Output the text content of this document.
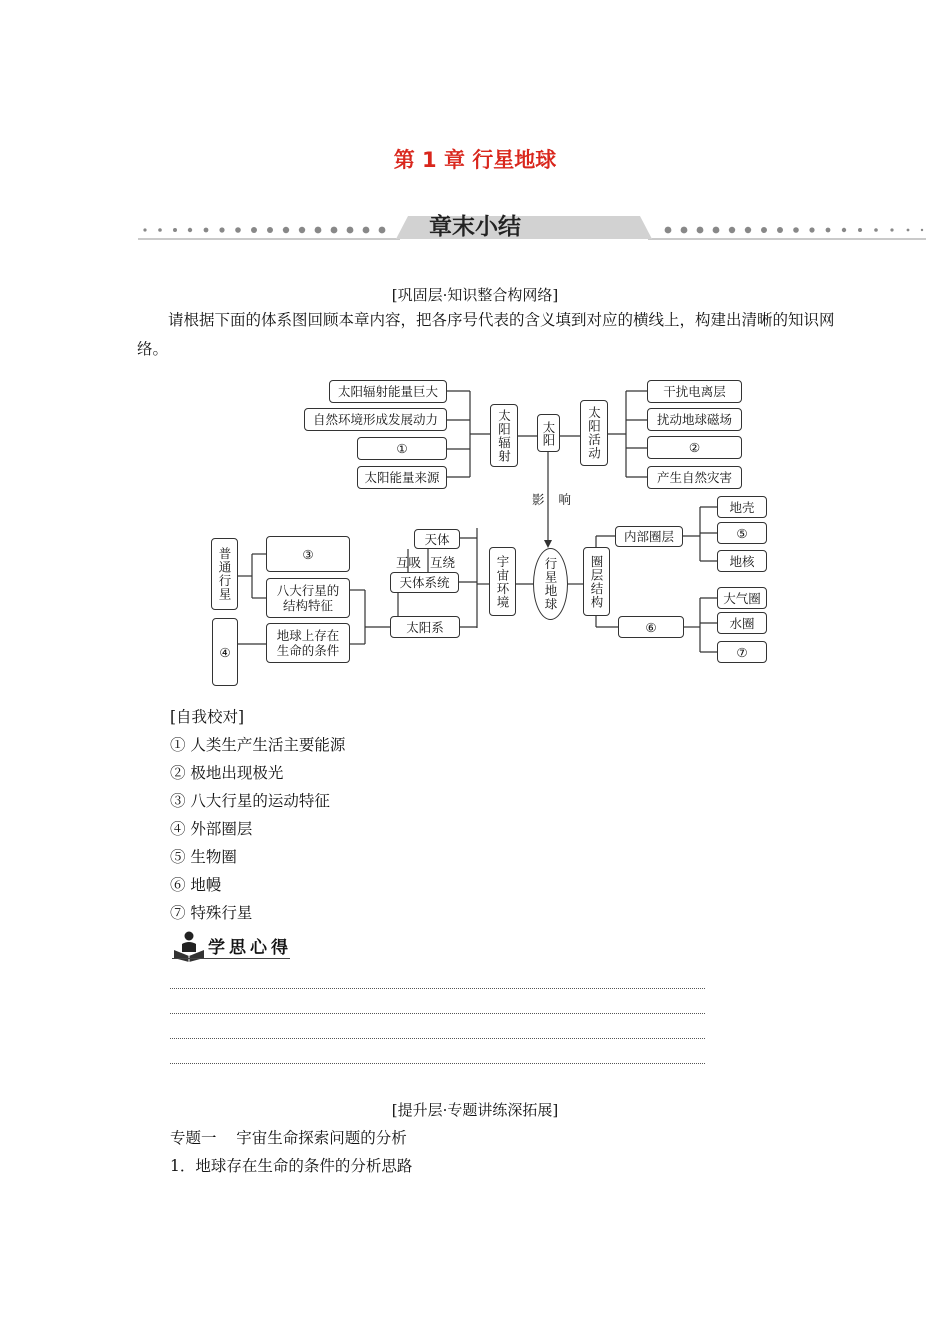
第 1 章 行星地球
章末小结
[巩固层·知识整合构网络]
请根据下面的体系图回顾本章内容，把各序号代表的含义填到对应的横线上，构建出清晰的知识网络。
太阳辐射能量巨大
自然环境形成发展动力
①
太阳能量来源
太阳辐射 太阳 太阳活动
干扰电离层
扰动地球磁场
②
产生自然灾害
影响
行星地球
宇宙环境
天体
互吸 互绕
天体系统
太阳系
普通行星	③
八大行星的结构特征
④
地球上存在生命的条件
圈层结构
内部圈层
地壳
⑤
地核
⑥
大气圈
水圈
⑦
[自我校对]
① 人类生产生活主要能源
② 极地出现极光
③ 八大行星的运动特征
④ 外部圈层
⑤ 生物圈
⑥ 地幔
⑦ 特殊行星
学思心得
[提升层·专题讲练深拓展]
专题一    宇宙生命探索问题的分析
1．地球存在生命的条件的分析思路
